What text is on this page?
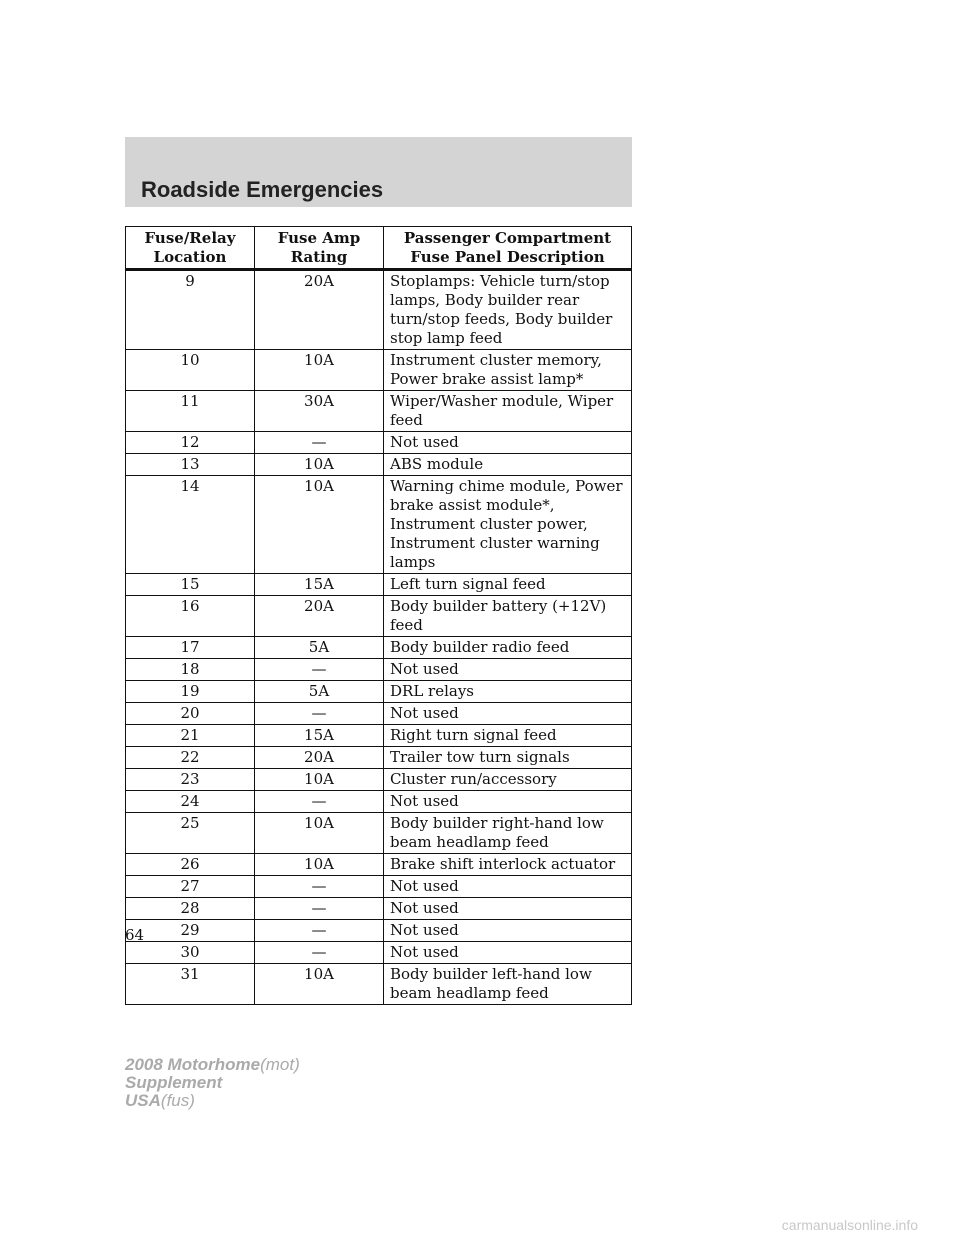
Roadside Emergencies
Fuse/Relay Location	Fuse Amp Rating	Passenger Compartment Fuse Panel Description
9	20A	Stoplamps: Vehicle turn/stop lamps, Body builder rear turn/stop feeds, Body builder stop lamp feed
10	10A	Instrument cluster memory, Power brake assist lamp*
11	30A	Wiper/Washer module, Wiper feed
12	—	Not used
13	10A	ABS module
14	10A	Warning chime module, Power brake assist module*, Instrument cluster power, Instrument cluster warning lamps
15	15A	Left turn signal feed
16	20A	Body builder battery (+12V) feed
17	5A	Body builder radio feed
18	—	Not used
19	5A	DRL relays
20	—	Not used
21	15A	Right turn signal feed
22	20A	Trailer tow turn signals
23	10A	Cluster run/accessory
24	—	Not used
25	10A	Body builder right-hand low beam headlamp feed
26	10A	Brake shift interlock actuator
27	—	Not used
28	—	Not used
29	—	Not used
30	—	Not used
31	10A	Body builder left-hand low beam headlamp feed
64
2008 Motorhome(mot)
Supplement
USA(fus)
carmanualsonline.info
